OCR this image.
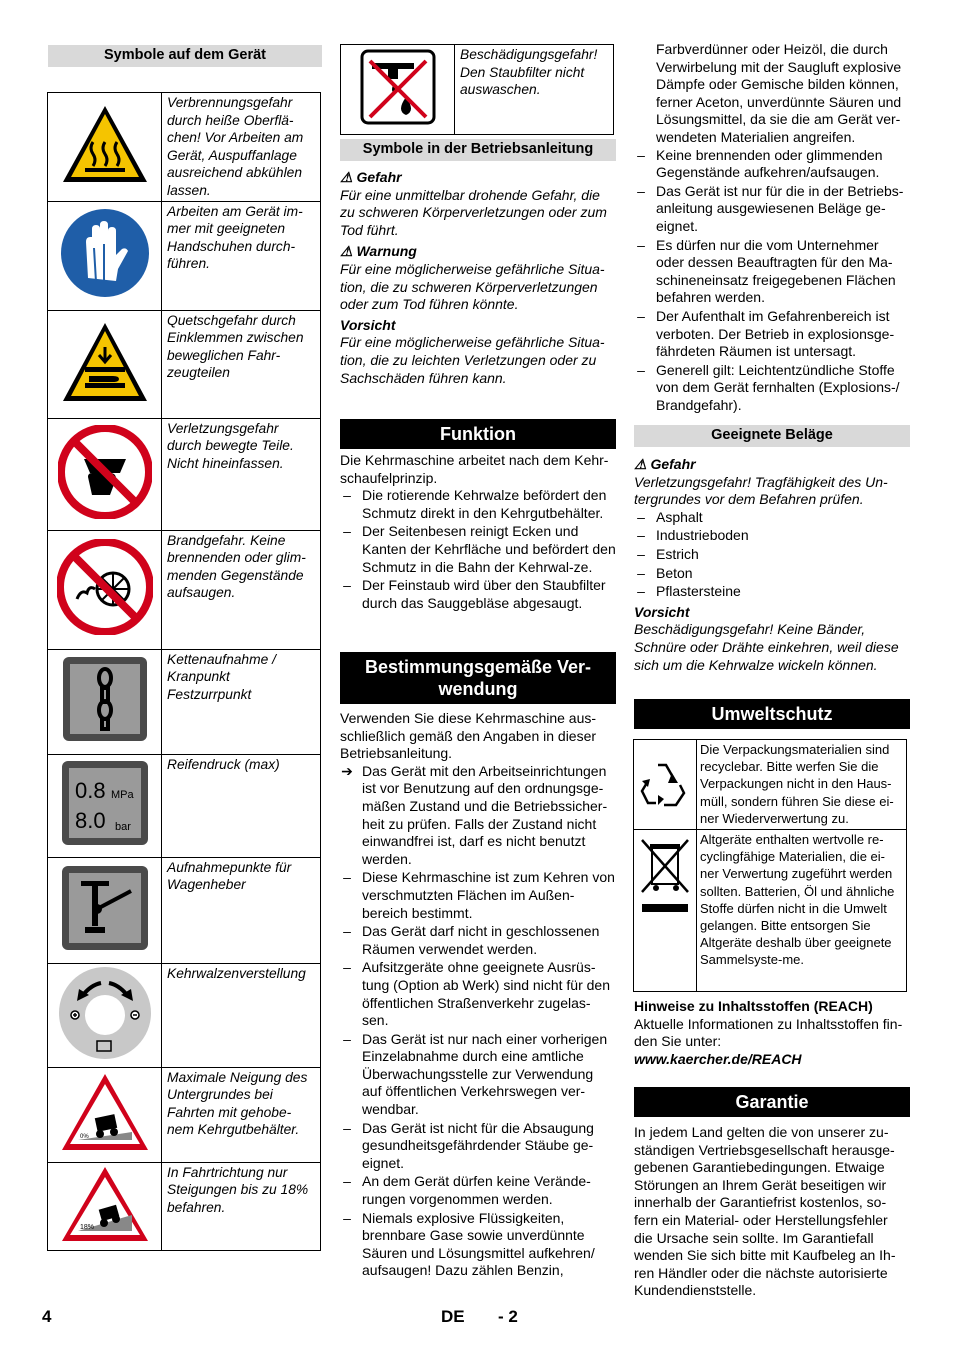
Symbole auf dem Gerät
	Verbrennungsgefahr durch heiße Oberflä-chen! Vor Arbeiten am Gerät, Auspuffanlage ausreichend abkühlen lassen.
	Arbeiten am Gerät im-mer mit geeigneten Handschuhen durch-führen.
	Quetschgefahr durch Einklemmen zwischen beweglichen Fahr-zeugteilen
	Verletzungsgefahr durch bewegte Teile. Nicht hineinfassen.
	Brandgefahr. Keine brennenden oder glim-menden Gegenstände aufsaugen.
	Kettenaufnahme / Kranpunkt Festzurrpunkt

0.8 MPa
8.0 bar	Reifendruck (max)
	Aufnahmepunkte für Wagenheber
	Kehrwalzenverstellung

0%	Maximale Neigung des Untergrundes bei Fahrten mit gehobe-nem Kehrgutbehälter.

18%	In Fahrtrichtung nur Steigungen bis zu 18% befahren.
	Beschädigungsgefahr! Den Staubfilter nicht auswaschen.
Symbole in der Betriebsanleitung

⚠ Gefahr

Für eine unmittelbar drohende Gefahr, die zu schweren Körperverletzungen oder zum Tod führt.

⚠ Warnung

Für eine möglicherweise gefährliche Situa-tion, die zu schweren Körperverletzungen oder zum Tod führen könnte.

Vorsicht

Für eine möglicherweise gefährliche Situa-tion, die zu leichten Verletzungen oder zu Sachschäden führen kann.

Funktion

Die Kehrmaschine arbeitet nach dem Kehr-schaufelprinzip.

– Die rotierende Kehrwalze befördert den Schmutz direkt in den Kehrgutbehälter.
– Der Seitenbesen reinigt Ecken und Kanten der Kehrfläche und befördert den Schmutz in die Bahn der Kehrwal-ze.
– Der Feinstaub wird über den Staubfilter durch das Sauggebläse abgesaugt.
Bestimmungsgemäße Ver-wendung

Verwenden Sie diese Kehrmaschine aus-schließlich gemäß den Angaben in dieser Betriebsanleitung.

➔ Das Gerät mit den Arbeitseinrichtungen ist vor Benutzung auf den ordnungsge-mäßen Zustand und die Betriebssicher-heit zu prüfen. Falls der Zustand nicht einwandfrei ist, darf es nicht benutzt werden.
– Diese Kehrmaschine ist zum Kehren von verschmutzten Flächen im Außen-bereich bestimmt.
– Das Gerät darf nicht in geschlossenen Räumen verwendet werden.
– Aufsitzgeräte ohne geeignete Ausrüs-tung (Option ab Werk) sind nicht für den öffentlichen Straßenverkehr zugelas-sen.
– Das Gerät ist nur nach einer vorherigen Einzelabnahme durch eine amtliche Überwachungsstelle zur Verwendung auf öffentlichen Verkehrswegen ver-wendbar.
– Das Gerät ist nicht für die Absaugung gesundheitsgefährdender Stäube ge-eignet.
– An dem Gerät dürfen keine Verände-rungen vorgenommen werden.
– Niemals explosive Flüssigkeiten, brennbare Gase sowie unverdünnte Säuren und Lösungsmittel aufkehren/ aufsaugen! Dazu zählen Benzin,

Farbverdünner oder Heizöl, die durch Verwirbelung mit der Saugluft explosive Dämpfe oder Gemische bilden können, ferner Aceton, unverdünnte Säuren und Lösungsmittel, da sie die am Gerät ver-wendeten Materialien angreifen.

– Keine brennenden oder glimmenden Gegenstände aufkehren/aufsaugen.
– Das Gerät ist nur für die in der Betriebs-anleitung ausgewiesenen Beläge ge-eignet.
– Es dürfen nur die vom Unternehmer oder dessen Beauftragten für den Ma-schineneinsatz freigegebenen Flächen befahren werden.
– Der Aufenthalt im Gefahrenbereich ist verboten. Der Betrieb in explosionsge-fährdeten Räumen ist untersagt.
– Generell gilt: Leichtentzündliche Stoffe von dem Gerät fernhalten (Explosions-/ Brandgefahr).
Geeignete Beläge

⚠ Gefahr

Verletzungsgefahr! Tragfähigkeit des Un-tergrundes vor dem Befahren prüfen.

– Asphalt
– Industrieboden
– Estrich
– Beton
– Pflastersteine

Vorsicht

Beschädigungsgefahr! Keine Bänder, Schnüre oder Drähte einkehren, weil diese sich um die Kehrwalze wickeln können.

Umweltschutz
	Die Verpackungsmaterialien sind recyclebar. Bitte werfen Sie die Verpackungen nicht in den Haus-müll, sondern führen Sie diese ei-ner Wiederverwertung zu.
	Altgeräte enthalten wertvolle re-cyclingfähige Materialien, die ei-ner Verwertung zugeführt werden sollten. Batterien, Öl und ähnliche Stoffe dürfen nicht in die Umwelt gelangen. Bitte entsorgen Sie Altgeräte deshalb über geeignete Sammelsyste-me.

Hinweise zu Inhaltsstoffen (REACH)

Aktuelle Informationen zu Inhaltsstoffen fin-den Sie unter:

www.kaercher.de/REACH

Garantie

In jedem Land gelten die von unserer zu-ständigen Vertriebsgesellschaft herausge-gebenen Garantiebedingungen. Etwaige Störungen an Ihrem Gerät beseitigen wir innerhalb der Garantiefrist kostenlos, so-fern ein Material- oder Herstellungsfehler die Ursache sein sollte. Im Garantiefall wenden Sie sich bitte mit Kaufbeleg an Ih-ren Händler oder die nächste autorisierte Kundendienststelle.

4	DE - 2
